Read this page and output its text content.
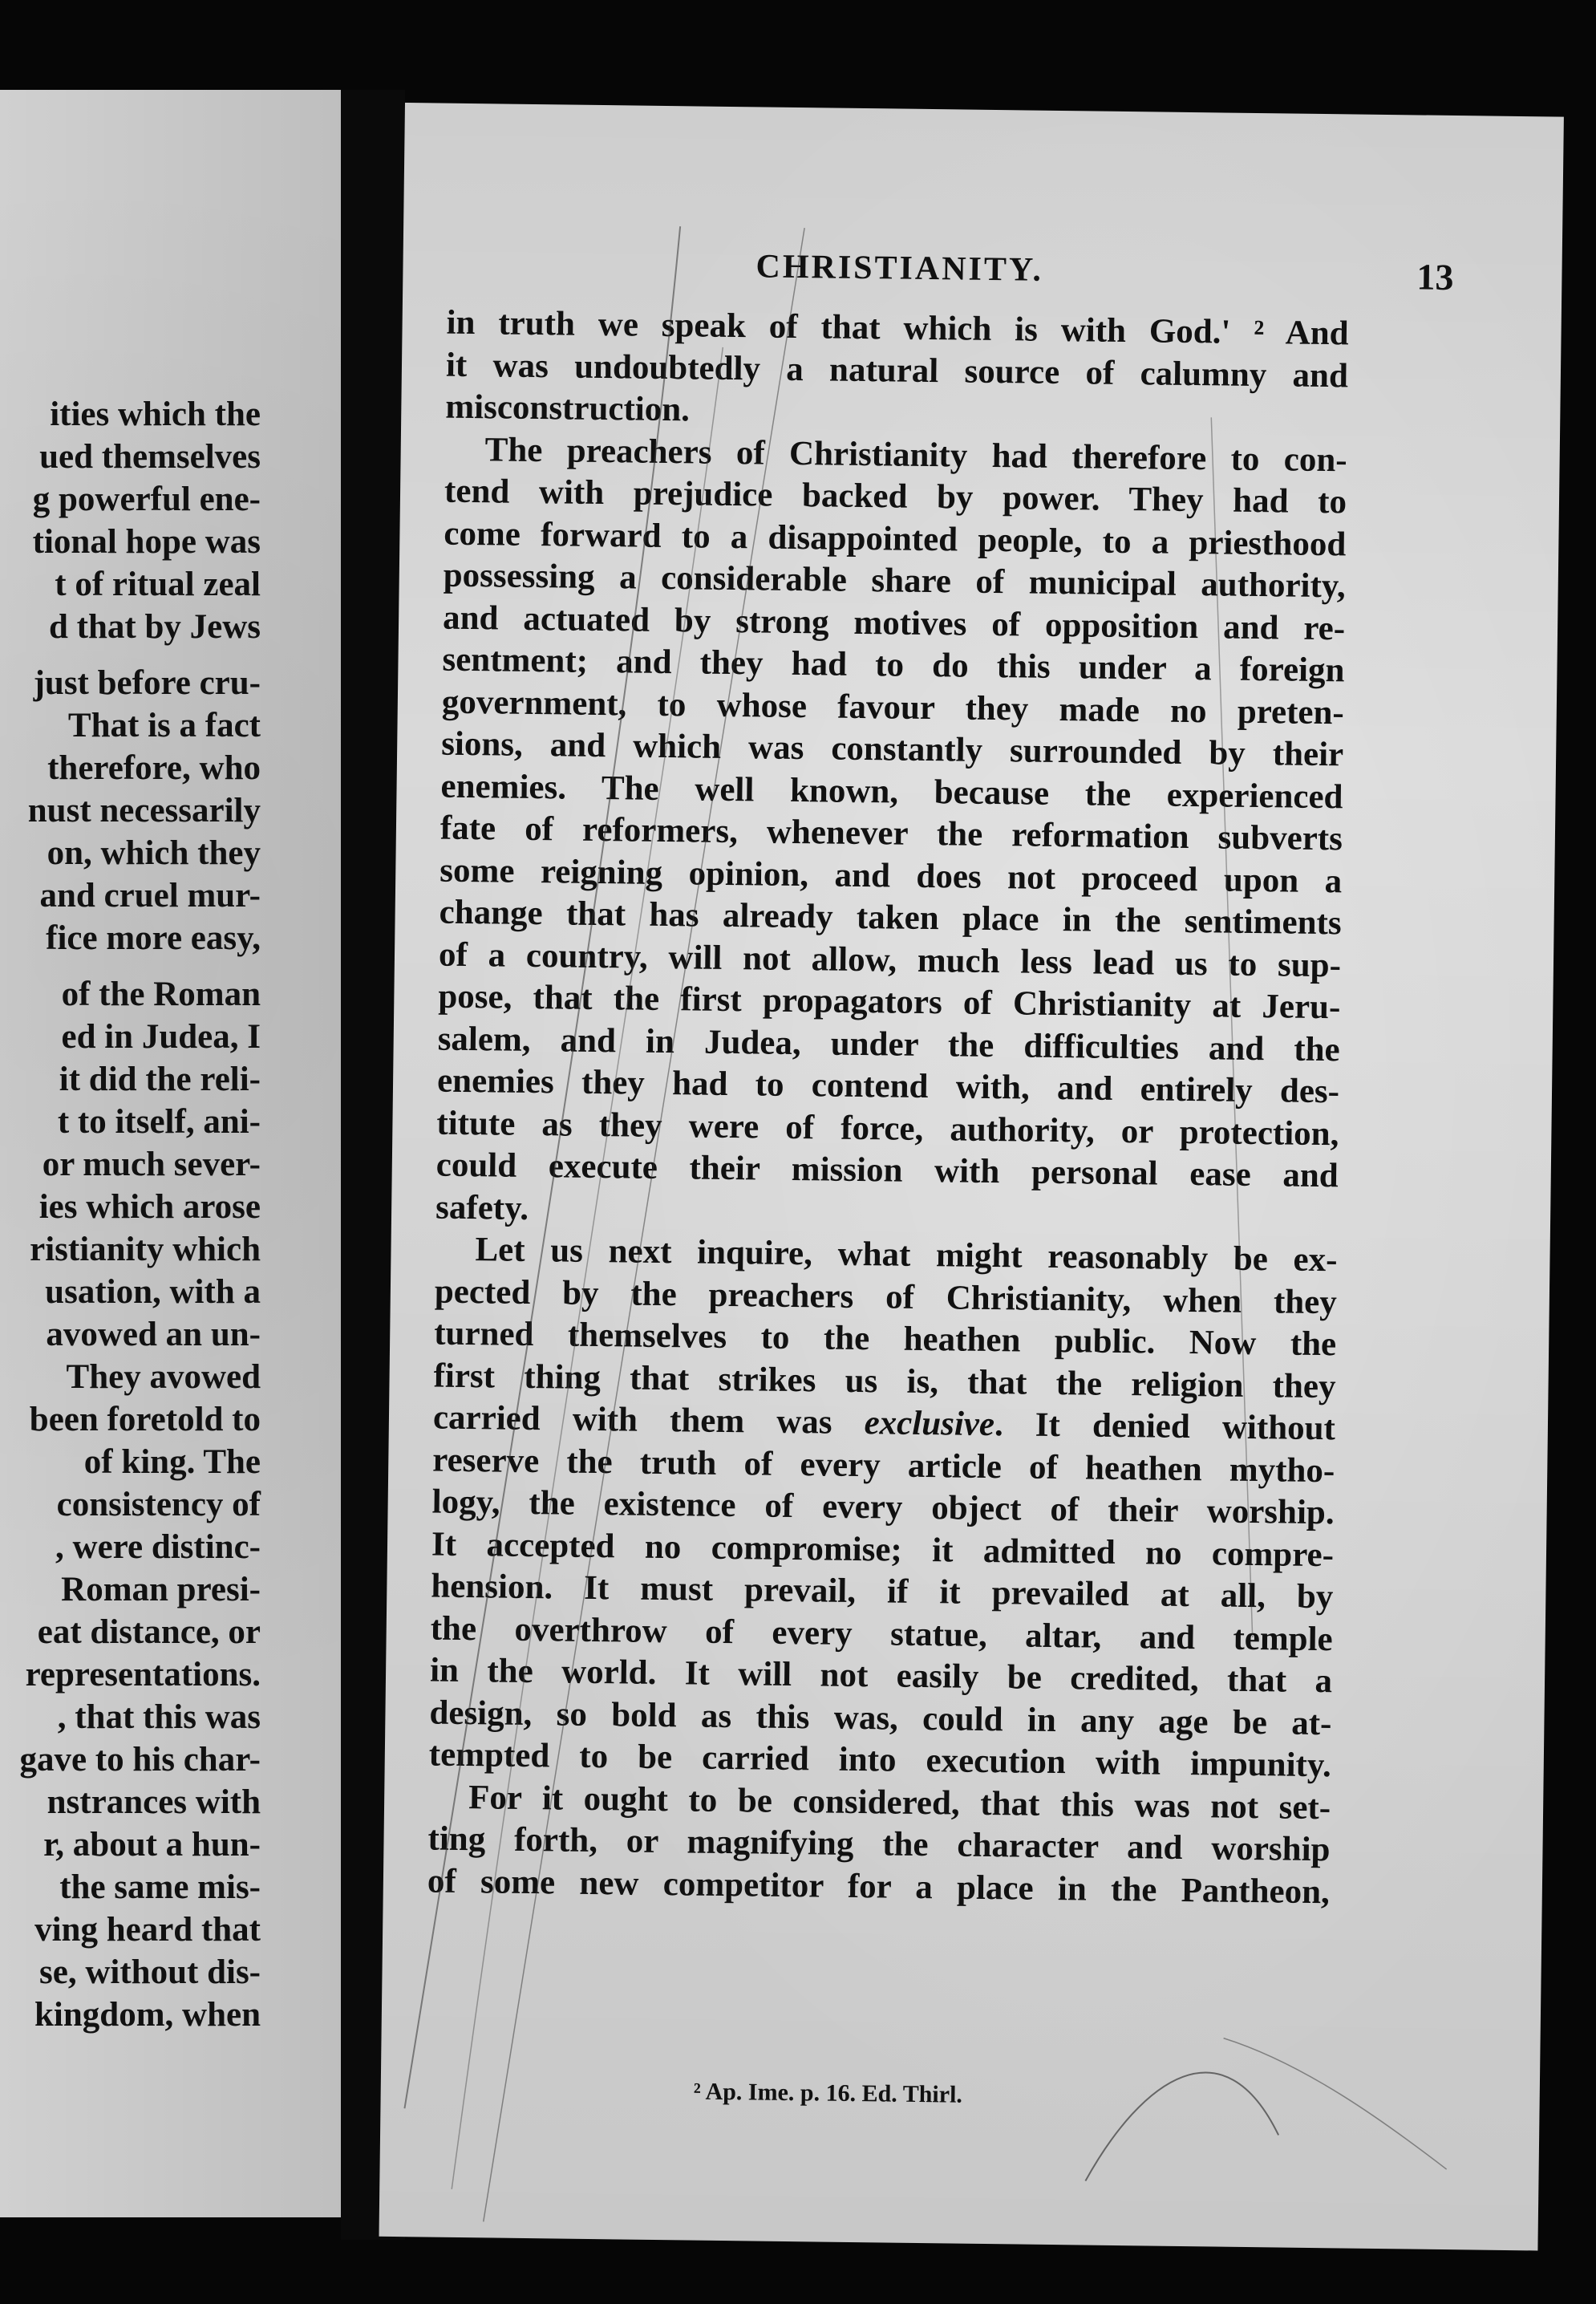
ities which the
ued themselves
g powerful ene-
tional hope was
t of ritual zeal
d that by Jews
just before cru-
That is a fact
therefore, who
nust necessarily
on, which they
and cruel mur-
fice more easy,
of the Roman
ed in Judea, I
it did the reli-
t to itself, ani-
or much sever-
ies which arose
ristianity which
usation, with a
avowed an un-
They avowed
been foretold to
of king. The
consistency of
, were distinc-
Roman presi-
eat distance, or
representations.
, that this was
gave to his char-
nstrances with
r, about a hun-
the same mis-
ving heard that
se, without dis-
kingdom, when
CHRISTIANITY.	13
in truth we speak of that which is with God.' ² And
it was undoubtedly a natural source of calumny and
misconstruction.
The preachers of Christianity had therefore to con-
tend with prejudice backed by power. They had to
come forward to a disappointed people, to a priesthood
possessing a considerable share of municipal authority,
and actuated by strong motives of opposition and re-
sentment; and they had to do this under a foreign
government, to whose favour they made no preten-
sions, and which was constantly surrounded by their
enemies. The well known, because the experienced
fate of reformers, whenever the reformation subverts
some reigning opinion, and does not proceed upon a
change that has already taken place in the sentiments
of a country, will not allow, much less lead us to sup-
pose, that the first propagators of Christianity at Jeru-
salem, and in Judea, under the difficulties and the
enemies they had to contend with, and entirely des-
titute as they were of force, authority, or protection,
could execute their mission with personal ease and
safety.
Let us next inquire, what might reasonably be ex-
pected by the preachers of Christianity, when they
turned themselves to the heathen public. Now the
first thing that strikes us is, that the religion they
carried with them was exclusive. It denied without
reserve the truth of every article of heathen mytho-
logy, the existence of every object of their worship.
It accepted no compromise; it admitted no compre-
hension. It must prevail, if it prevailed at all, by
the overthrow of every statue, altar, and temple
in the world. It will not easily be credited, that a
design, so bold as this was, could in any age be at-
tempted to be carried into execution with impunity.
For it ought to be considered, that this was not set-
ting forth, or magnifying the character and worship
of some new competitor for a place in the Pantheon,
² Ap. Ime. p. 16. Ed. Thirl.
